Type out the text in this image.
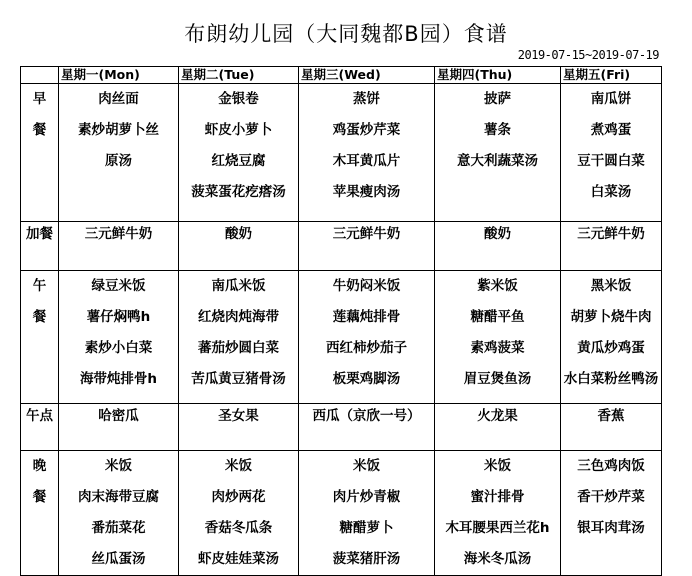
布朗幼儿园（大同魏都B园）食谱
2019-07-15~2019-07-19
	星期一(Mon)	星期二(Tue)	星期三(Wed)	星期四(Thu)	星期五(Fri)

早
餐	肉丝面
素炒胡萝卜丝
原汤	金银卷
虾皮小萝卜
红烧豆腐
菠菜蛋花疙瘩汤	蒸饼
鸡蛋炒芹菜
木耳黄瓜片
苹果瘦肉汤	披萨
薯条
意大利蔬菜汤	南瓜饼
煮鸡蛋
豆干圆白菜
白菜汤

加餐	三元鲜牛奶	酸奶	三元鲜牛奶	酸奶	三元鲜牛奶

午
餐	绿豆米饭
薯仔焖鸭h
素炒小白菜
海带炖排骨h	南瓜米饭
红烧肉炖海带
蕃茄炒圆白菜
苦瓜黄豆猪骨汤	牛奶闷米饭
莲藕炖排骨
西红柿炒茄子
板栗鸡脚汤	紫米饭
糖醋平鱼
素鸡菠菜
眉豆煲鱼汤	黑米饭
胡萝卜烧牛肉
黄瓜炒鸡蛋
水白菜粉丝鸭汤

午点	哈密瓜	圣女果	西瓜（京欣一号）	火龙果	香蕉

晚
餐	米饭
肉末海带豆腐
番茄菜花
丝瓜蛋汤	米饭
肉炒两花
香菇冬瓜条
虾皮娃娃菜汤	米饭
肉片炒青椒
糖醋萝卜
菠菜猪肝汤	米饭
蜜汁排骨
木耳腰果西兰花h
海米冬瓜汤	三色鸡肉饭
香干炒芹菜
银耳肉茸汤
